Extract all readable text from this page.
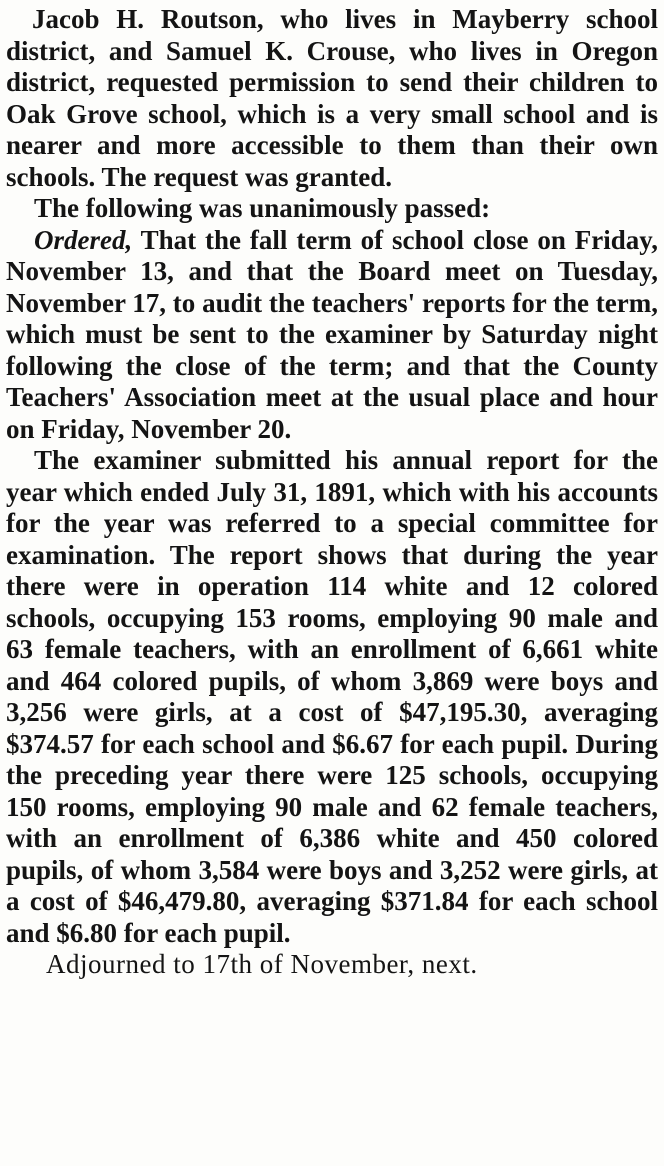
Jacob H. Routson, who lives in Mayberry school district, and Samuel K. Crouse, who lives in Oregon district, requested permission to send their children to Oak Grove school, which is a very small school and is nearer and more accessible to them than their own schools. The request was granted.

The following was unanimously passed:

Ordered, That the fall term of school close on Friday, November 13, and that the Board meet on Tuesday, November 17, to audit the teachers' reports for the term, which must be sent to the examiner by Saturday night following the close of the term; and that the County Teachers' Association meet at the usual place and hour on Friday, November 20.

The examiner submitted his annual report for the year which ended July 31, 1891, which with his accounts for the year was referred to a special committee for examination. The report shows that during the year there were in operation 114 white and 12 colored schools, occupying 153 rooms, employing 90 male and 63 female teachers, with an enrollment of 6,661 white and 464 colored pupils, of whom 3,869 were boys and 3,256 were girls, at a cost of $47,195.30, averaging $374.57 for each school and $6.67 for each pupil. During the preceding year there were 125 schools, occupying 150 rooms, employing 90 male and 62 female teachers, with an enrollment of 6,386 white and 450 colored pupils, of whom 3,584 were boys and 3,252 were girls, at a cost of $46,479.80, averaging $371.84 for each school and $6.80 for each pupil.

Adjourned to 17th of November, next.
